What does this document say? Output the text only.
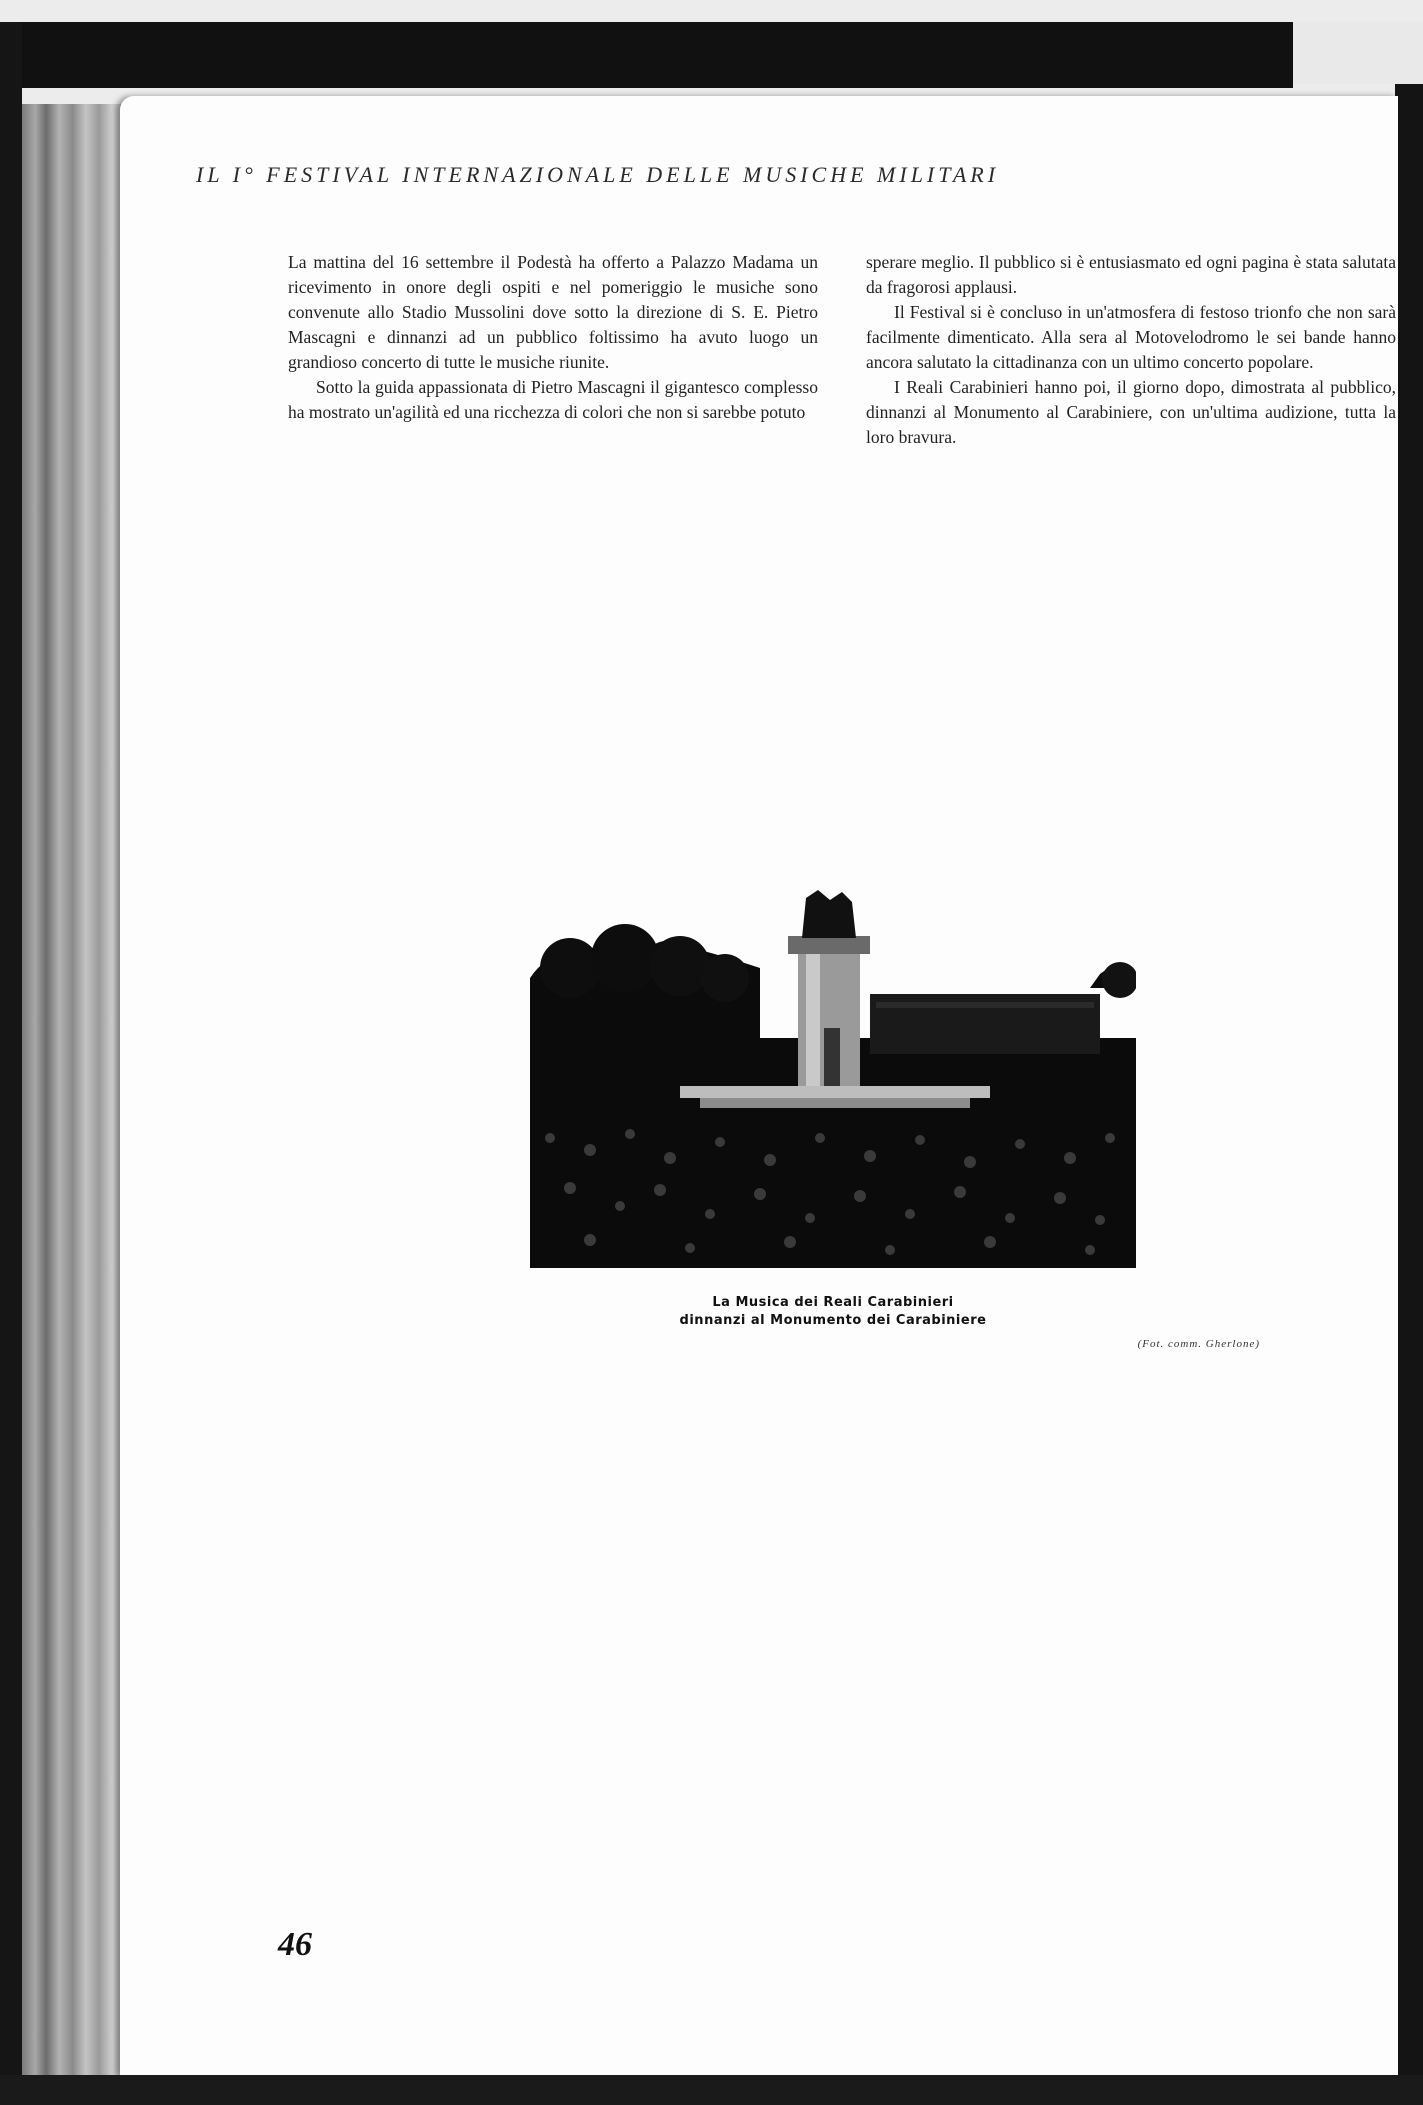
IL I° FESTIVAL INTERNAZIONALE DELLE MUSICHE MILITARI

La mattina del 16 settembre il Podestà ha offerto a Palazzo Madama un ricevimento in onore degli ospiti e nel pomeriggio le musiche sono convenute allo Stadio Mussolini dove sotto la direzione di S. E. Pietro Mascagni e dinnanzi ad un pubblico foltissimo ha avuto luogo un grandioso concerto di tutte le musiche riunite.

Sotto la guida appassionata di Pietro Mascagni il gigantesco complesso ha mostrato un'agilità ed una ricchezza di colori che non si sarebbe potuto

sperare meglio. Il pubblico si è entusiasmato ed ogni pagina è stata salutata da fragorosi applausi.

Il Festival si è concluso in un'atmosfera di festoso trionfo che non sarà facilmente dimenticato. Alla sera al Motovelodromo le sei bande hanno ancora salutato la cittadinanza con un ultimo concerto popolare.

I Reali Carabinieri hanno poi, il giorno dopo, dimostrata al pubblico, dinnanzi al Monumento al Carabiniere, con un'ultima audizione, tutta la loro bravura.

La Musica dei Reali Carabinieri
dinnanzi al Monumento dei Carabiniere
(Fot. comm. Gherlone)
46
